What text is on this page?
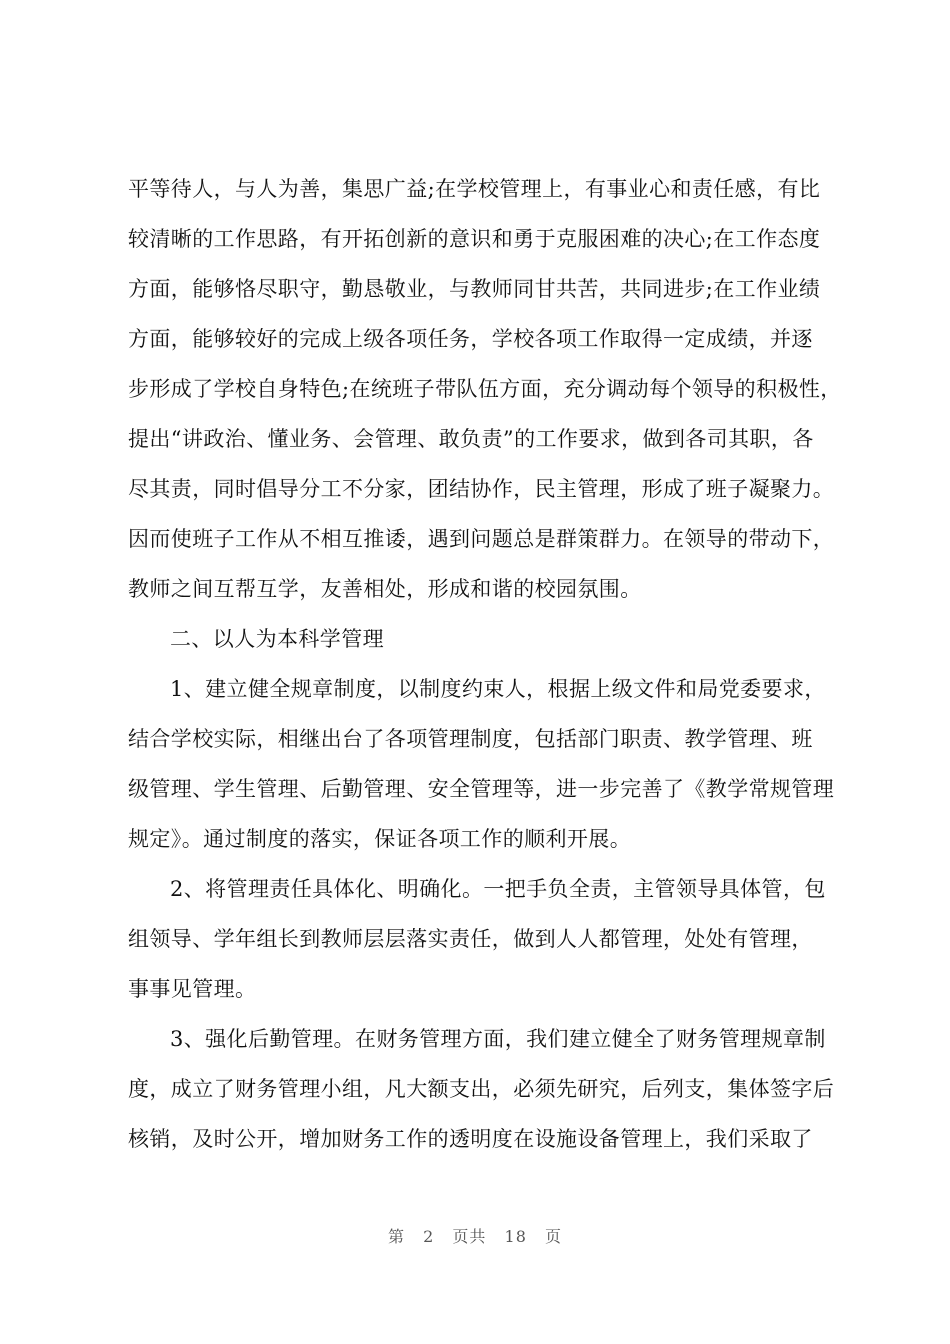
平等待人，与人为善，集思广益;在学校管理上，有事业心和责任感，有比
较清晰的工作思路，有开拓创新的意识和勇于克服困难的决心;在工作态度
方面，能够恪尽职守，勤恳敬业，与教师同甘共苦，共同进步;在工作业绩
方面，能够较好的完成上级各项任务，学校各项工作取得一定成绩，并逐
步形成了学校自身特色;在统班子带队伍方面，充分调动每个领导的积极性，
提出“讲政治、懂业务、会管理、敢负责”的工作要求，做到各司其职，各
尽其责，同时倡导分工不分家，团结协作，民主管理，形成了班子凝聚力。
因而使班子工作从不相互推诿，遇到问题总是群策群力。在领导的带动下，
教师之间互帮互学，友善相处，形成和谐的校园氛围。
二、以人为本科学管理
1、建立健全规章制度，以制度约束人，根据上级文件和局党委要求，
结合学校实际，相继出台了各项管理制度，包括部门职责、教学管理、班
级管理、学生管理、后勤管理、安全管理等，进一步完善了《教学常规管理
规定》。通过制度的落实，保证各项工作的顺利开展。
2、将管理责任具体化、明确化。一把手负全责，主管领导具体管，包
组领导、学年组长到教师层层落实责任，做到人人都管理，处处有管理，
事事见管理。
3、强化后勤管理。在财务管理方面，我们建立健全了财务管理规章制
度，成立了财务管理小组，凡大额支出，必须先研究，后列支，集体签字后
核销，及时公开，增加财务工作的透明度在设施设备管理上，我们采取了
第 2 页共 18 页
